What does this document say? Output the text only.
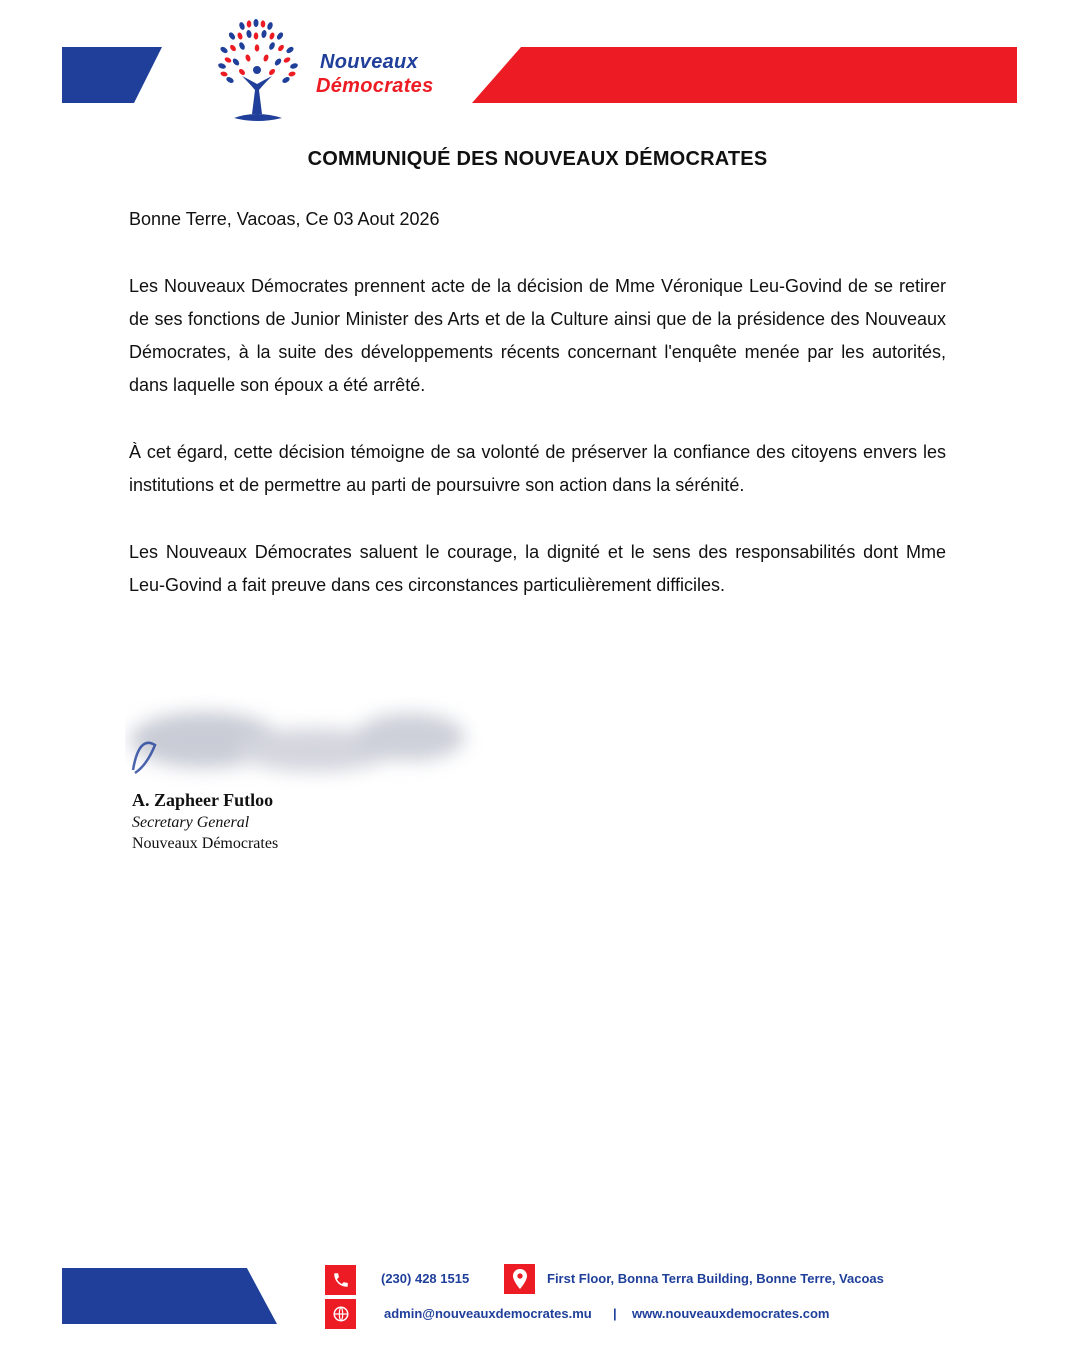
Nouveaux
Démocrates
COMMUNIQUÉ DES NOUVEAUX DÉMOCRATES
Bonne Terre, Vacoas, Ce 03 Aout 2026

Les Nouveaux Démocrates prennent acte de la décision de Mme Véronique Leu-Govind de se retirer de ses fonctions de Junior Minister des Arts et de la Culture ainsi que de la présidence des Nouveaux Démocrates, à la suite des développements récents concernant l'enquête menée par les autorités, dans laquelle son époux a été arrêté.

À cet égard, cette décision témoigne de sa volonté de préserver la confiance des citoyens envers les institutions et de permettre au parti de poursuivre son action dans la sérénité.

Les Nouveaux Démocrates saluent le courage, la dignité et le sens des responsabilités dont Mme Leu-Govind a fait preuve dans ces circonstances particulièrement difficiles.

A. Zapheer Futloo
Secretary General
Nouveaux Démocrates
(230) 428 1515	First Floor, Bonna Terra Building, Bonne Terre, Vacoas
admin@nouveauxdemocrates.mu | www.nouveauxdemocrates.com
